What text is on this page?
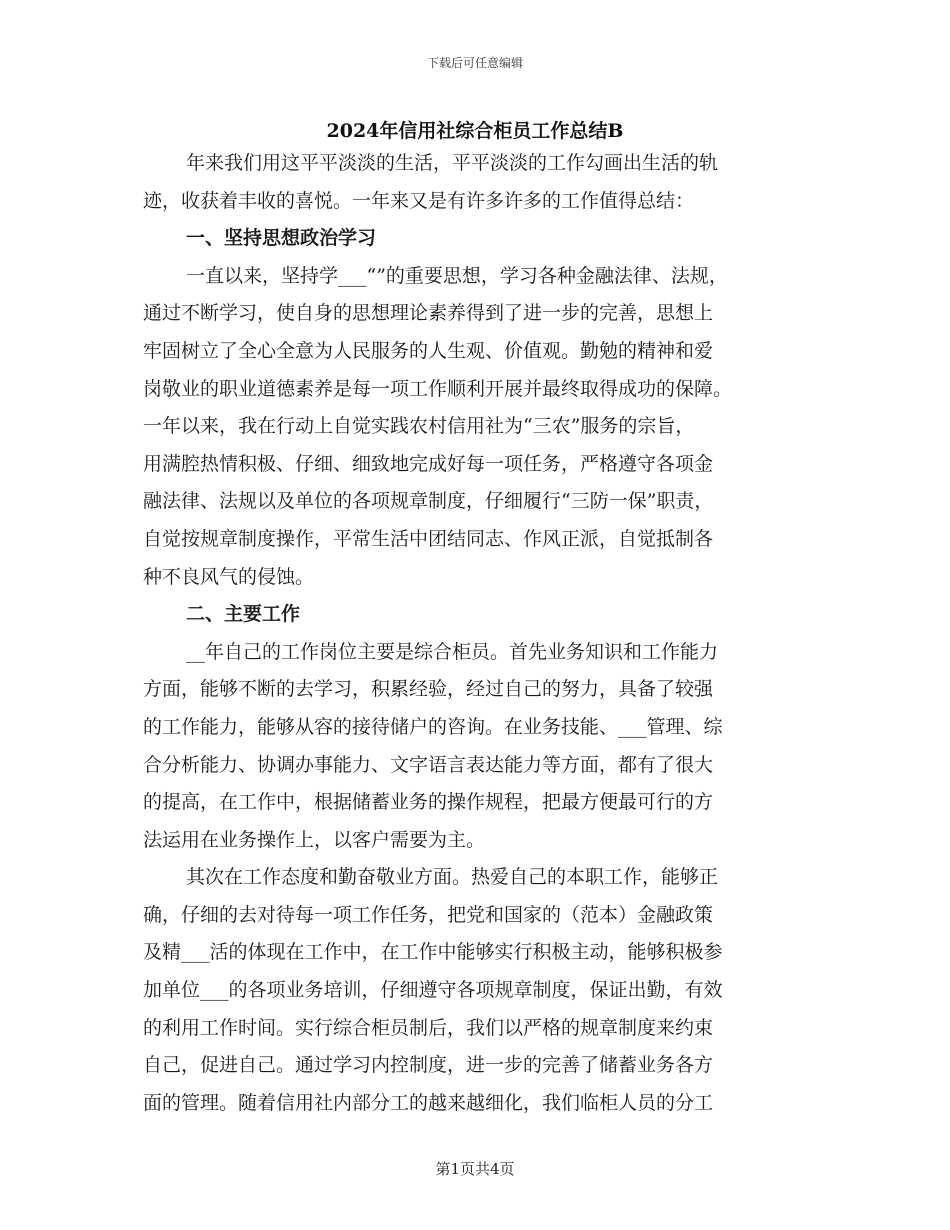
下载后可任意编辑
2024年信用社综合柜员工作总结B
年来我们用这平平淡淡的生活，平平淡淡的工作勾画出生活的轨
迹，收获着丰收的喜悦。一年来又是有许多许多的工作值得总结：
一、坚持思想政治学习
一直以来，坚持学___“”的重要思想，学习各种金融法律、法规，
通过不断学习，使自身的思想理论素养得到了进一步的完善，思想上
牢固树立了全心全意为人民服务的人生观、价值观。勤勉的精神和爱
岗敬业的职业道德素养是每一项工作顺利开展并最终取得成功的保障。
一年以来，我在行动上自觉实践农村信用社为“三农”服务的宗旨，
用满腔热情积极、仔细、细致地完成好每一项任务，严格遵守各项金
融法律、法规以及单位的各项规章制度，仔细履行“三防一保”职责，
自觉按规章制度操作，平常生活中团结同志、作风正派，自觉抵制各
种不良风气的侵蚀。
二、主要工作
__年自己的工作岗位主要是综合柜员。首先业务知识和工作能力
方面，能够不断的去学习，积累经验，经过自己的努力，具备了较强
的工作能力，能够从容的接待储户的咨询。在业务技能、___管理、综
合分析能力、协调办事能力、文字语言表达能力等方面，都有了很大
的提高，在工作中，根据储蓄业务的操作规程，把最方便最可行的方
法运用在业务操作上，以客户需要为主。
其次在工作态度和勤奋敬业方面。热爱自己的本职工作，能够正
确，仔细的去对待每一项工作任务，把党和国家的（范本）金融政策
及精___活的体现在工作中，在工作中能够实行积极主动，能够积极参
加单位___的各项业务培训，仔细遵守各项规章制度，保证出勤，有效
的利用工作时间。实行综合柜员制后，我们以严格的规章制度来约束
自己，促进自己。通过学习内控制度，进一步的完善了储蓄业务各方
面的管理。随着信用社内部分工的越来越细化，我们临柜人员的分工
第1页共4页
